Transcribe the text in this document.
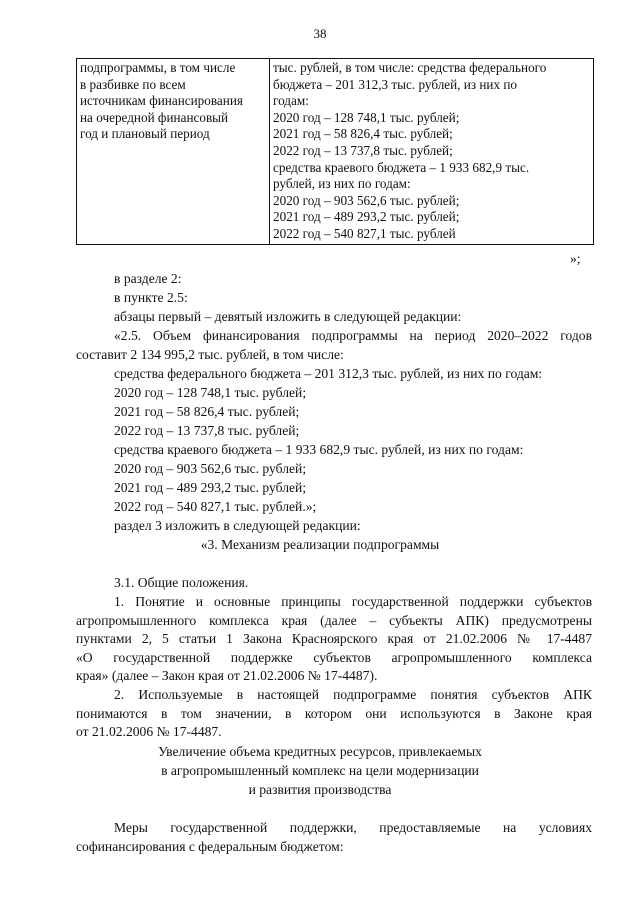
38
подпрограммы, в том числе
в разбивке по всем
источникам финансирования
на очередной финансовый
год и плановый период
	тыс. рублей, в том числе: средства федерального
бюджета – 201 312,3 тыс. рублей, из них по
годам:
2020 год – 128 748,1 тыс. рублей;
2021 год – 58 826,4 тыс. рублей;
2022 год – 13 737,8 тыс. рублей;
средства краевого бюджета – 1 933 682,9 тыс.
рублей, из них по годам:
2020 год – 903 562,6 тыс. рублей;
2021 год – 489 293,2 тыс. рублей;
2022 год – 540 827,1 тыс. рублей
»;
в разделе 2:
в пункте 2.5:
абзацы первый – девятый изложить в следующей редакции:
«2.5. Объем финансирования подпрограммы на период 2020–2022 годов
составит 2 134 995,2 тыс. рублей, в том числе:
средства федерального бюджета – 201 312,3 тыс. рублей, из них по годам:
2020 год – 128 748,1 тыс. рублей;
2021 год – 58 826,4 тыс. рублей;
2022 год – 13 737,8 тыс. рублей;
средства краевого бюджета – 1 933 682,9 тыс. рублей, из них по годам:
2020 год – 903 562,6 тыс. рублей;
2021 год – 489 293,2 тыс. рублей;
2022 год – 540 827,1 тыс. рублей.»;
раздел 3 изложить в следующей редакции:
«3. Механизм реализации подпрограммы
3.1. Общие положения.
1. Понятие и основные принципы государственной поддержки субъектов
агропромышленного комплекса края (далее – субъекты АПК) предусмотрены
пунктами 2, 5 статьи 1 Закона Красноярского края от 21.02.2006 № 17-4487
«О государственной поддержке субъектов агропромышленного комплекса
края» (далее – Закон края от 21.02.2006 № 17-4487).
2. Используемые в настоящей подпрограмме понятия субъектов АПК
понимаются в том значении, в котором они используются в Законе края
от 21.02.2006 № 17-4487.
Увеличение объема кредитных ресурсов, привлекаемых
в агропромышленный комплекс на цели модернизации
и развития производства
Меры государственной поддержки, предоставляемые на условиях
софинансирования с федеральным бюджетом:
